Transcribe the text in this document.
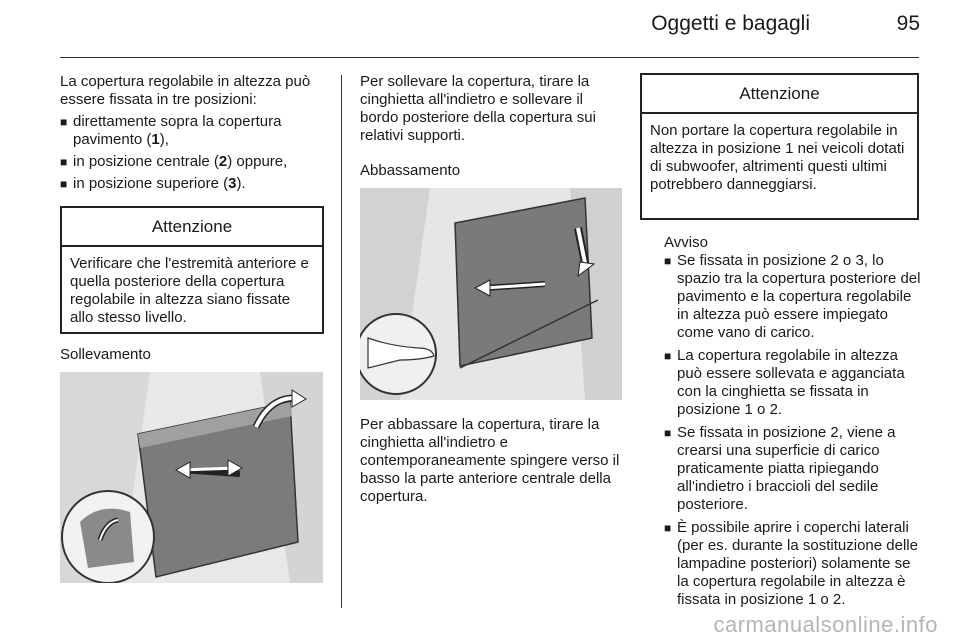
Oggetti e bagagli	95

La copertura regolabile in altezza può essere fissata in tre posizioni:

■ direttamente sopra la copertura pavimento (1),
■ in posizione centrale (2) oppure,
■ in posizione superiore (3).
Attenzione
Verificare che l'estremità anteriore e quella posteriore della copertura regolabile in altezza siano fissate allo stesso livello.
Sollevamento

Per sollevare la copertura, tirare la cinghietta all'indietro e sollevare il bordo posteriore della copertura sui relativi supporti.

Abbassamento

Per abbassare la copertura, tirare la cinghietta all'indietro e contemporaneamente spingere verso il basso la parte anteriore centrale della copertura.

Attenzione
Non portare la copertura regolabile in altezza in posizione 1 nei veicoli dotati di subwoofer, altrimenti questi ultimi potrebbero danneggiarsi.

Avviso

■ Se fissata in posizione 2 o 3, lo spazio tra la copertura posteriore del pavimento e la copertura regolabile in altezza può essere impiegato come vano di carico.
■ La copertura regolabile in altezza può essere sollevata e agganciata con la cinghietta se fissata in posizione 1 o 2.
■ Se fissata in posizione 2, viene a crearsi una superficie di carico praticamente piatta ripiegando all'indietro i braccioli del sedile posteriore.
■ È possibile aprire i coperchi laterali (per es. durante la sostituzione delle lampadine posteriori) solamente se la copertura regolabile in altezza è fissata in posizione 1 o 2.
carmanualsonline.info
